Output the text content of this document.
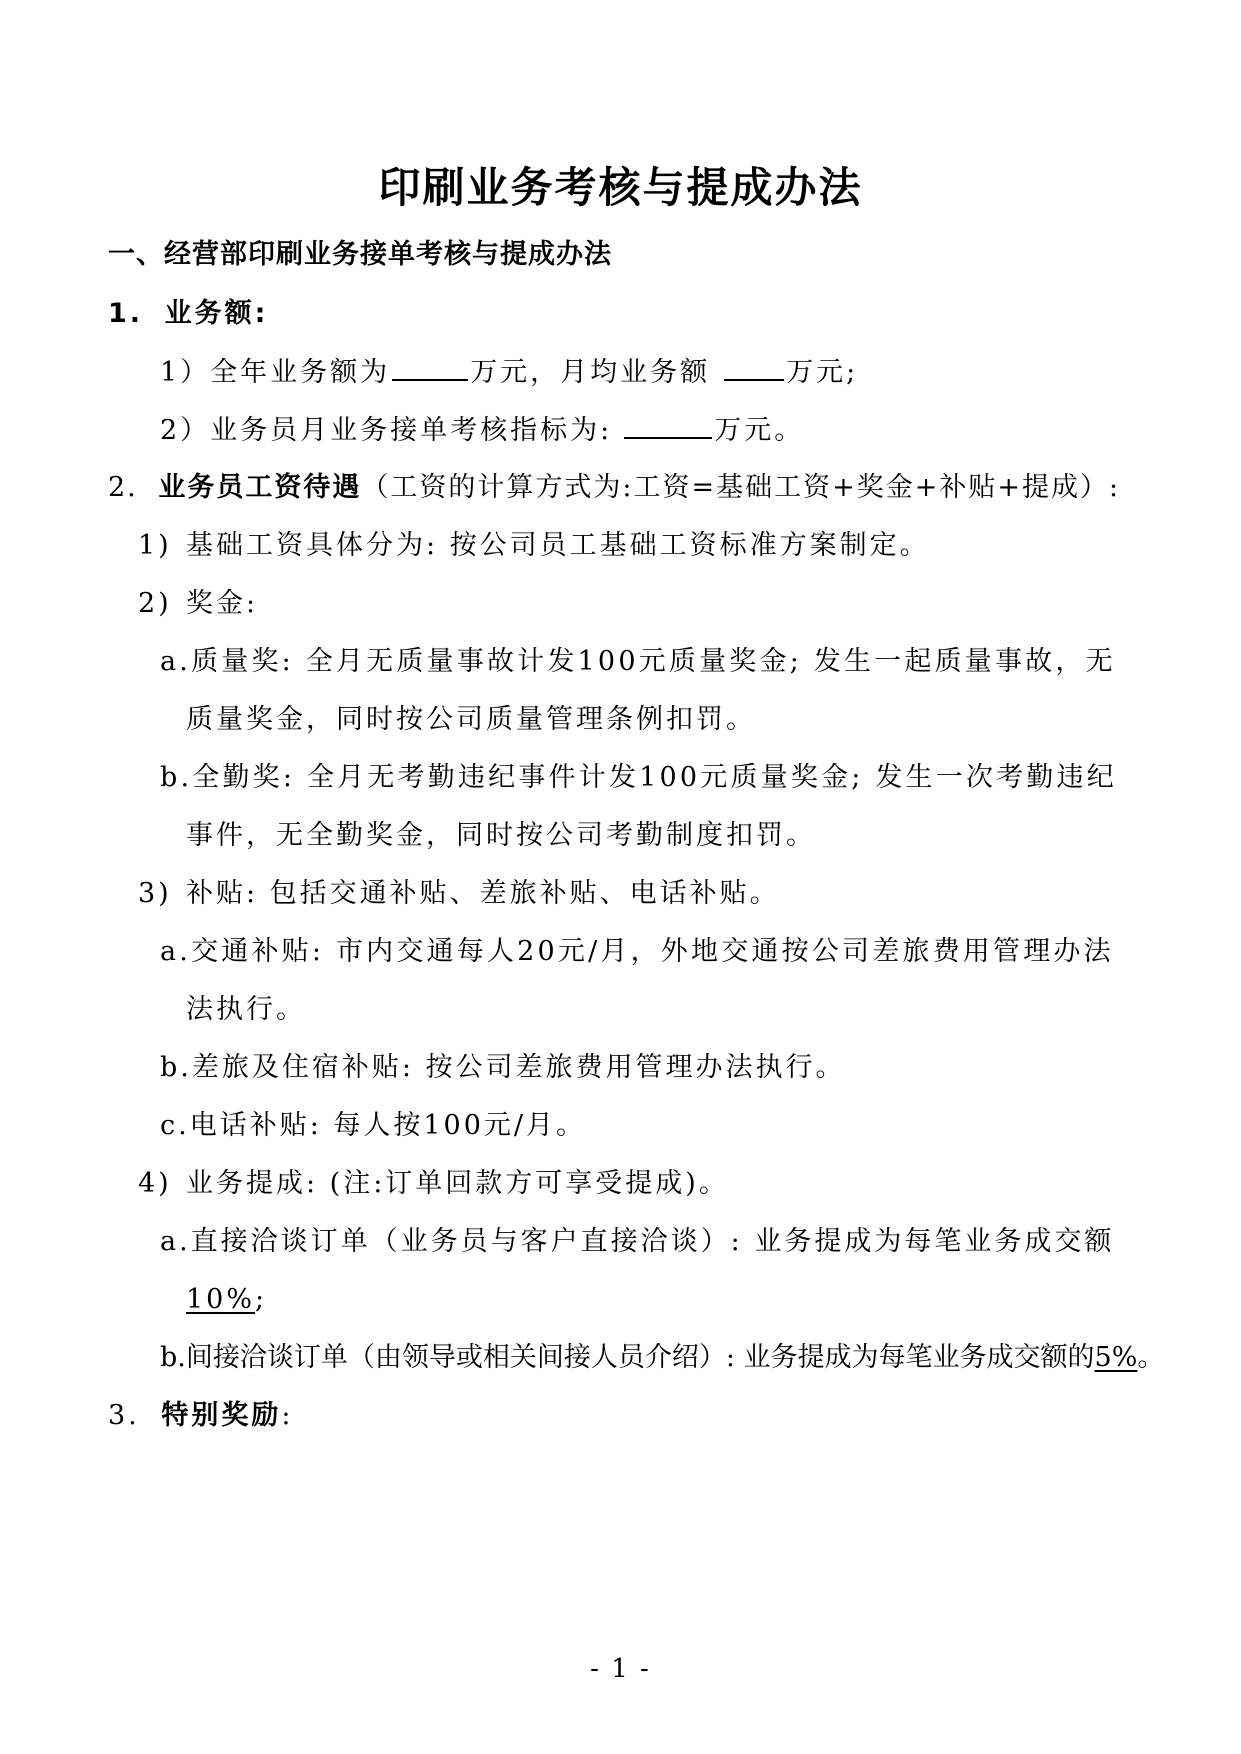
印刷业务考核与提成办法
一、经营部印刷业务接单考核与提成办法
1. 业务额:
1）全年业务额为	万元，月均业务额	万元;
2）业务员月业务接单考核指标为:	万元。
2. 业务员工资待遇（工资的计算方式为:工资=基础工资+奖金+补贴+提成）:
1) 基础工资具体分为: 按公司员工基础工资标准方案制定。
2) 奖金:
a.质量奖: 全月无质量事故计发100元质量奖金; 发生一起质量事故，无
质量奖金，同时按公司质量管理条例扣罚。
b.全勤奖: 全月无考勤违纪事件计发100元质量奖金; 发生一次考勤违纪
事件，无全勤奖金，同时按公司考勤制度扣罚。
3) 补贴: 包括交通补贴、差旅补贴、电话补贴。
a.交通补贴: 市内交通每人20元/月，外地交通按公司差旅费用管理办法
法执行。
b.差旅及住宿补贴: 按公司差旅费用管理办法执行。
c.电话补贴: 每人按100元/月。
4) 业务提成: (注:订单回款方可享受提成)。
a.直接洽谈订单（业务员与客户直接洽谈）: 业务提成为每笔业务成交额
10%;
b.间接洽谈订单（由领导或相关间接人员介绍）: 业务提成为每笔业务成交额的5%。
3. 特别奖励:
- 1 -
